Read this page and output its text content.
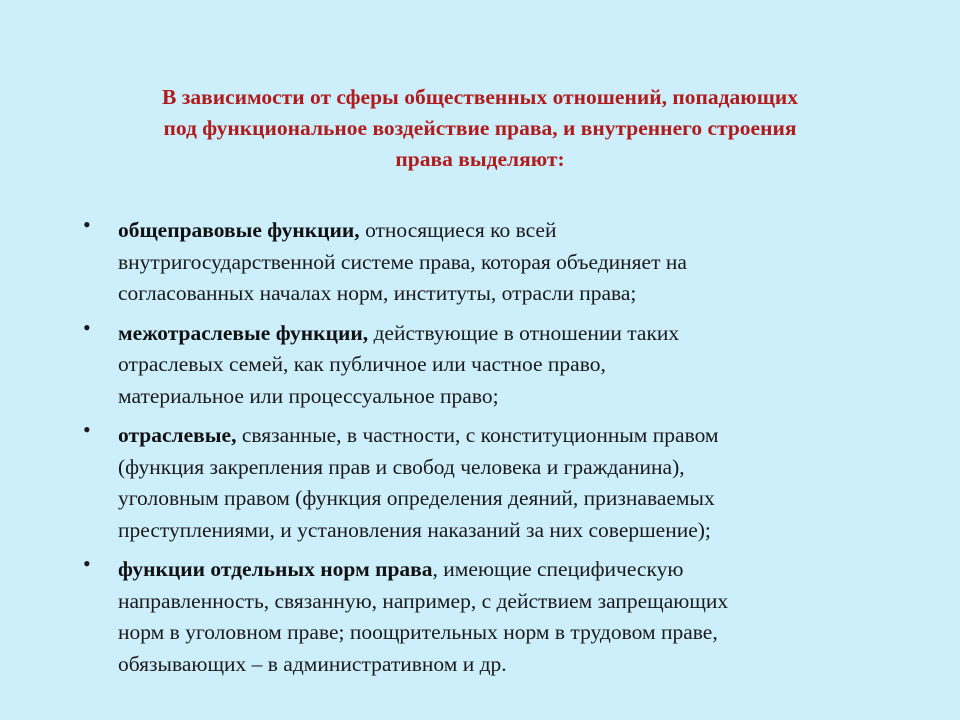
В зависимости от сферы общественных отношений, попадающих
под функциональное воздействие права, и внутреннего строения
права выделяют:
• общеправовые функции, относящиеся ко всей
внутригосударственной системе права, которая объединяет на
согласованных началах норм, институты, отрасли права;
• межотраслевые функции, действующие в отношении таких
отраслевых семей, как публичное или частное право,
материальное или процессуальное право;
• отраслевые, связанные, в частности, с конституционным правом
(функция закрепления прав и свобод человека и гражданина),
уголовным правом (функция определения деяний, признаваемых
преступлениями, и установления наказаний за них совершение);
• функции отдельных норм права, имеющие специфическую
направленность, связанную, например, с действием запрещающих
норм в уголовном праве; поощрительных норм в трудовом праве,
обязывающих – в административном и др.
